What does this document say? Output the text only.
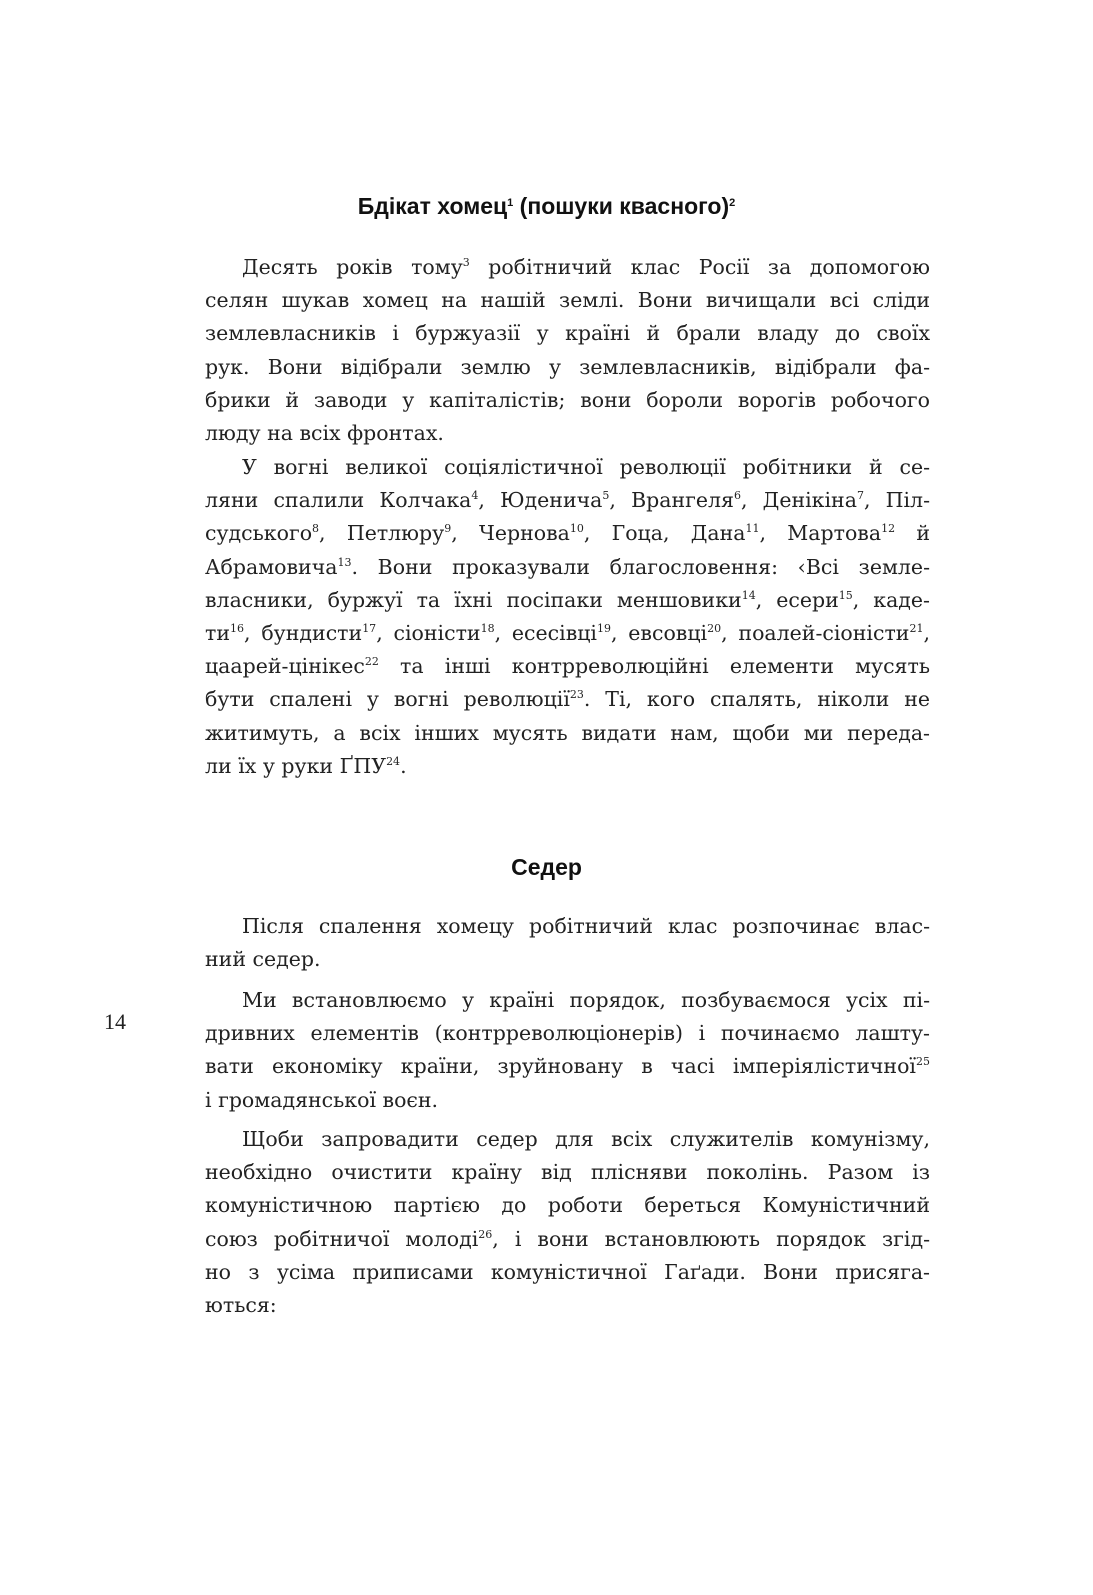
Бдікат хомец$^1$ (пошуки квасного)$^2$
Десять років тому$^3$ робітничий клас Росії за допомогою
селян шукав хомец на нашій землі. Вони вичищали всі сліди
землевласників і буржуазії у країні й брали владу до своїх
рук. Вони відібрали землю у землевласників, відібрали фа-
брики й заводи у капіталістів; вони бороли ворогів робочого
люду на всіх фронтах.
У вогні великої соціялістичної революції робітники й се-
ляни спалили Колчака$^4$, Юденича$^5$, Врангеля$^6$, Денікіна$^7$, Піл-
судського$^8$, Петлюру$^9$, Чернова$^{10}$, Гоца, Дана$^{11}$, Мартова$^{12}$ й
Абрамовича$^{13}$. Вони проказували благословення: ‹Всі земле-
власники, буржуї та їхні посіпаки меншовики$^{14}$, есери$^{15}$, каде-
$ти^{16}$, бундисти$^{17}$, сіоністи$^{18}$, есесівці$^{19}$, евсовці$^{20}$, поалей-сіоністи$^{21}$,
цаарей-цінікес$^{22}$ та інші контрреволюційні елементи мусять
бути спалені у вогні революції$^{23}$. Ті, кого спалять, ніколи не
житимуть, а всіх інших мусять видати нам, щоби ми переда-
ли їх у руки ҐПУ$^{24}$.
Седер
Після спалення хомецу робітничий клас розпочинає влас-
ний седер.
Ми встановлюємо у країні порядок, позбуваємося усіх пі-
дривних елементів (контрреволюціонерів) і починаємо лашту-
вати економіку країни, зруйновану в часі імперіялістичної$^{25}$
і громадянської воєн.
Щоби запровадити седер для всіх служителів комунізму,
необхідно очистити країну від плісняви поколінь. Разом із
комуністичною партією до роботи береться Комуністичний
союз робітничої молоді$^{26}$, і вони встановлюють порядок згід-
но з усіма приписами комуністичної Гаґади. Вони присяга-
ються:
14
